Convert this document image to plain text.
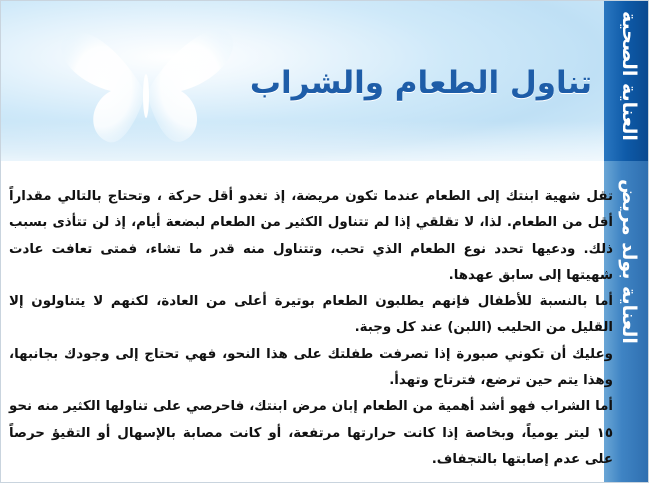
العناية الصحية
العناية بولد مريض
تناول الطعام والشراب

تقل شهية ابنتك إلى الطعام عندما تكون مريضة، إذ تغدو أقل حركة ، وتحتاج بالتالي مقداراً أقل من الطعام. لذا، لا تقلقي إذا لم تتناول الكثير من الطعام لبضعة أيام، إذ لن تتأذى بسبب ذلك. ودعيها تحدد نوع الطعام الذي تحب، وتتناول منه قدر ما تشاء، فمتى تعافت عادت شهيتها إلى سابق عهدها.

أما بالنسبة للأطفال فإنهم يطلبون الطعام بوتيرة أعلى من العادة، لكنهم لا يتناولون إلا القليل من الحليب (اللبن) عند كل وجبة.

وعليك أن تكوني صبورة إذا تصرفت طفلتك على هذا النحو، فهي تحتاج إلى وجودك بجانبها، وهذا يتم حين ترضع، فترتاح وتهدأ.

أما الشراب فهو أشد أهمية من الطعام إبان مرض ابنتك، فاحرصي على تناولها الكثير منه نحو ١٥ ليتر يومياً، وبخاصة إذا كانت حرارتها مرتفعة، أو كانت مصابة بالإسهال أو التقيؤ حرصاً على عدم إصابتها بالتجفاف.
